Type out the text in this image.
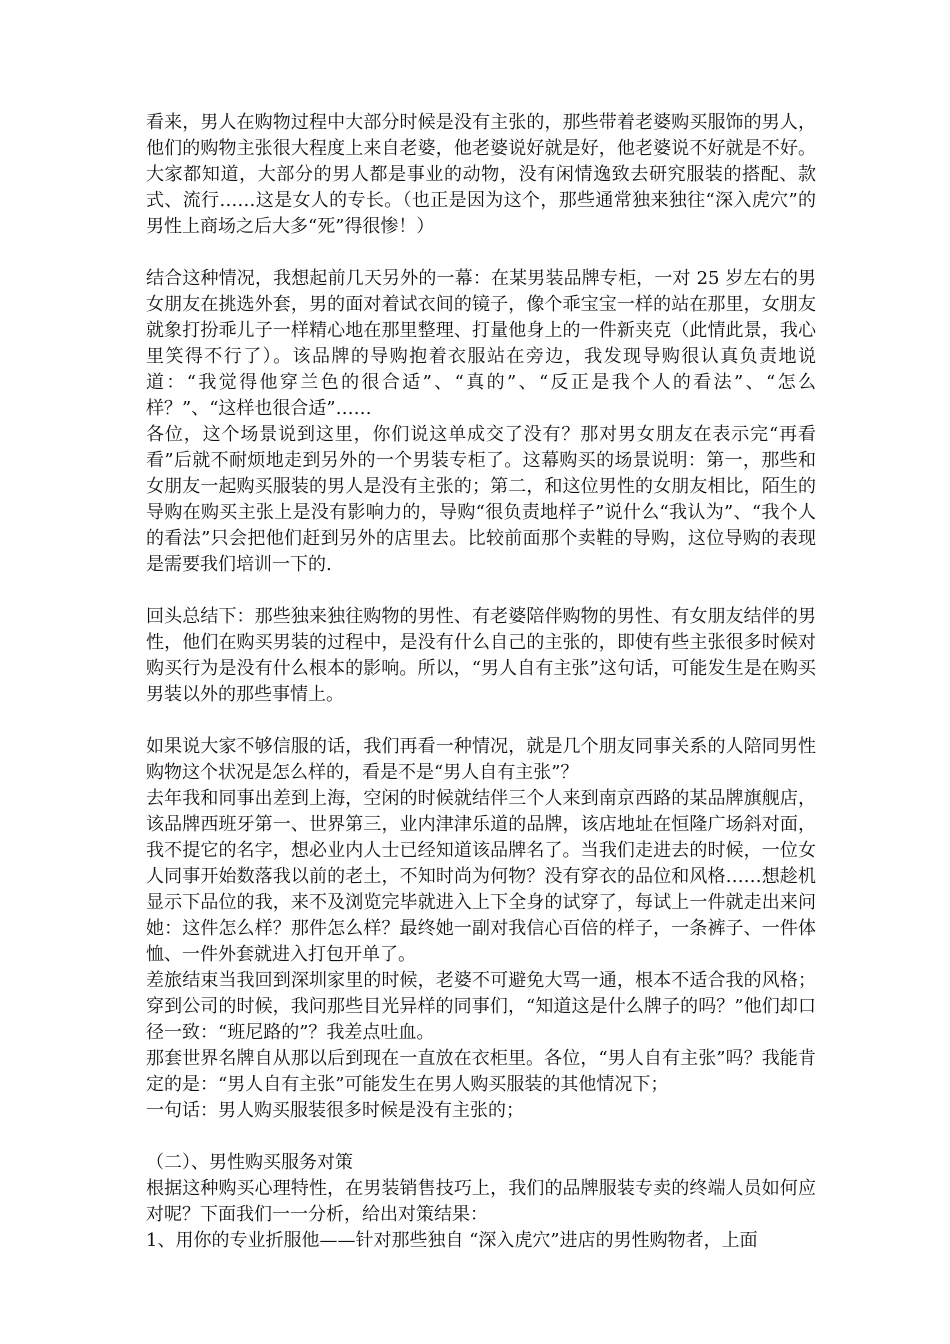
看来，男人在购物过程中大部分时候是没有主张的，那些带着老婆购买服饰的男人，他们的购物主张很大程度上来自老婆，他老婆说好就是好，他老婆说不好就是不好。大家都知道，大部分的男人都是事业的动物，没有闲情逸致去研究服装的搭配、款式、流行……这是女人的专长。（也正是因为这个，那些通常独来独往“深入虎穴”的男性上商场之后大多“死”得很惨！）

结合这种情况，我想起前几天另外的一幕：在某男装品牌专柜，一对 25 岁左右的男女朋友在挑选外套，男的面对着试衣间的镜子，像个乖宝宝一样的站在那里，女朋友就象打扮乖儿子一样精心地在那里整理、打量他身上的一件新夹克（此情此景，我心里笑得不行了）。该品牌的导购抱着衣服站在旁边，我发现导购很认真负责地说道：“我觉得他穿兰色的很合适”、“真的”、“反正是我个人的看法”、“怎么样？”、“这样也很合适”……

各位，这个场景说到这里，你们说这单成交了没有？那对男女朋友在表示完“再看看”后就不耐烦地走到另外的一个男装专柜了。这幕购买的场景说明：第一，那些和女朋友一起购买服装的男人是没有主张的；第二，和这位男性的女朋友相比，陌生的导购在购买主张上是没有影响力的，导购“很负责地样子”说什么“我认为”、“我个人的看法”只会把他们赶到另外的店里去。比较前面那个卖鞋的导购，这位导购的表现是需要我们培训一下的.

回头总结下：那些独来独往购物的男性、有老婆陪伴购物的男性、有女朋友结伴的男性，他们在购买男装的过程中，是没有什么自己的主张的，即使有些主张很多时候对购买行为是没有什么根本的影响。所以，“男人自有主张”这句话，可能发生是在购买男装以外的那些事情上。

如果说大家不够信服的话，我们再看一种情况，就是几个朋友同事关系的人陪同男性购物这个状况是怎么样的，看是不是“男人自有主张”？

去年我和同事出差到上海，空闲的时候就结伴三个人来到南京西路的某品牌旗舰店，该品牌西班牙第一、世界第三，业内津津乐道的品牌，该店地址在恒隆广场斜对面，我不提它的名字，想必业内人士已经知道该品牌名了。当我们走进去的时候，一位女人同事开始数落我以前的老土，不知时尚为何物？没有穿衣的品位和风格……想趁机显示下品位的我，来不及浏览完毕就进入上下全身的试穿了，每试上一件就走出来问她：这件怎么样？那件怎么样？最终她一副对我信心百倍的样子，一条裤子、一件体恤、一件外套就进入打包开单了。

差旅结束当我回到深圳家里的时候，老婆不可避免大骂一通，根本不适合我的风格；穿到公司的时候，我问那些目光异样的同事们，“知道这是什么牌子的吗？”他们却口径一致：“班尼路的”？我差点吐血。

那套世界名牌自从那以后到现在一直放在衣柜里。各位，“男人自有主张”吗？我能肯定的是：“男人自有主张”可能发生在男人购买服装的其他情况下；

一句话：男人购买服装很多时候是没有主张的；

（二）、男性购买服务对策

根据这种购买心理特性，在男装销售技巧上，我们的品牌服装专卖的终端人员如何应对呢？下面我们一一分析，给出对策结果：

1、用你的专业折服他——针对那些独自 “深入虎穴”进店的男性购物者，上面
